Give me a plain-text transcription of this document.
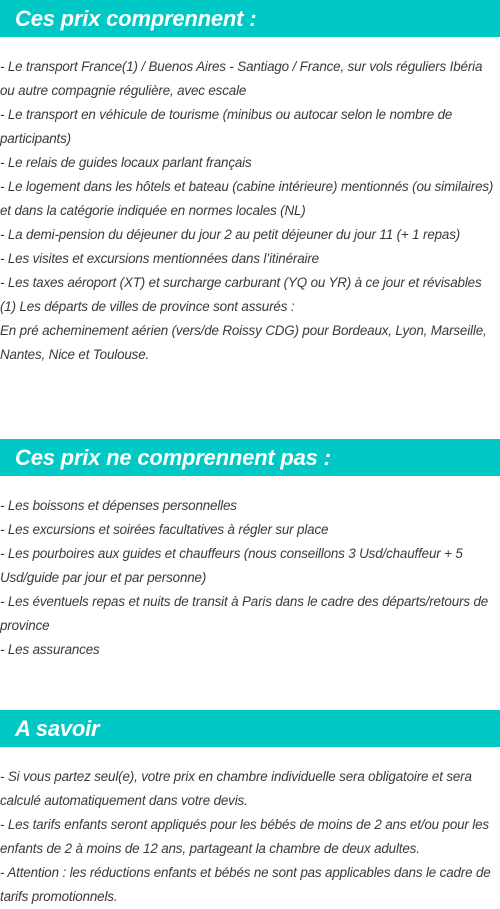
Ces prix comprennent :
- Le transport France(1) / Buenos Aires - Santiago / France, sur vols réguliers Ibéria ou autre compagnie régulière, avec escale
- Le transport en véhicule de tourisme (minibus ou autocar selon le nombre de participants)
- Le relais de guides locaux parlant français
- Le logement dans les hôtels et bateau (cabine intérieure) mentionnés (ou similaires) et dans la catégorie indiquée en normes locales (NL)
- La demi-pension du déjeuner du jour 2 au petit déjeuner du jour 11 (+ 1 repas)
- Les visites et excursions mentionnées dans l’itinéraire
- Les taxes aéroport (XT) et surcharge carburant (YQ ou YR) à ce jour et révisables
(1) Les départs de villes de province sont assurés :
En pré acheminement aérien (vers/de Roissy CDG) pour Bordeaux, Lyon, Marseille, Nantes, Nice et Toulouse.
Ces prix ne comprennent pas :
- Les boissons et dépenses personnelles
- Les excursions et soirées facultatives à régler sur place
- Les pourboires aux guides et chauffeurs (nous conseillons 3 Usd/chauffeur + 5 Usd/guide par jour et par personne)
- Les éventuels repas et nuits de transit à Paris dans le cadre des départs/retours de province
- Les assurances
A savoir
- Si vous partez seul(e), votre prix en chambre individuelle sera obligatoire et sera calculé automatiquement dans votre devis.
- Les tarifs enfants seront appliqués pour les bébés de moins de 2 ans et/ou pour les enfants de 2 à moins de 12 ans, partageant la chambre de deux adultes.
- Attention : les réductions enfants et bébés ne sont pas applicables dans le cadre de tarifs promotionnels.
